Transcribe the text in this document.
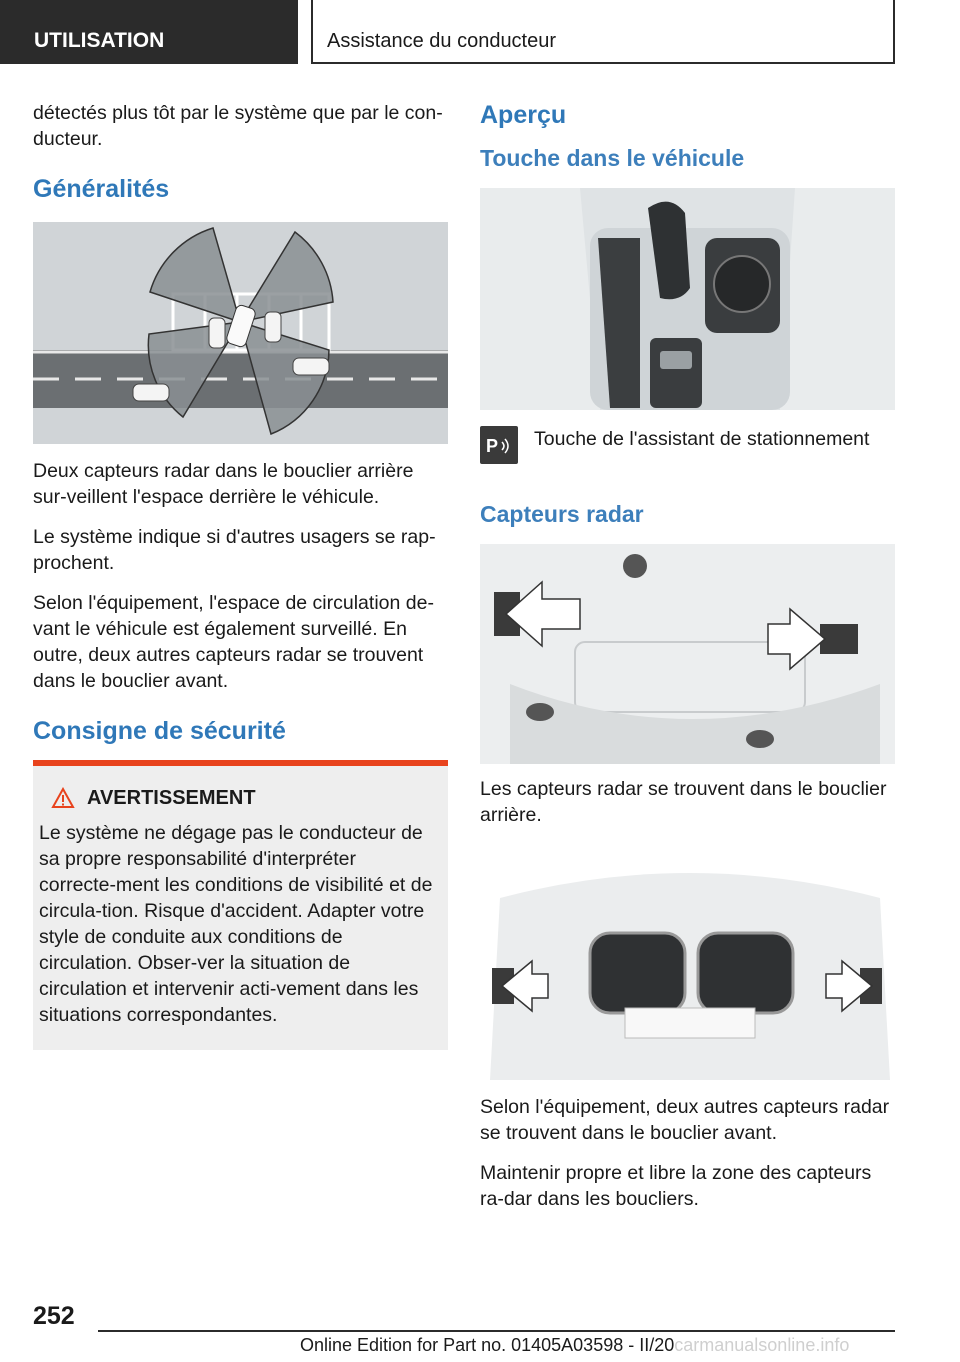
UTILISATION	Assistance du conducteur

détectés plus tôt par le système que par le con-ducteur.

Généralités

Deux capteurs radar dans le bouclier arrière sur-veillent l'espace derrière le véhicule.

Le système indique si d'autres usagers se rap-prochent.

Selon l'équipement, l'espace de circulation de-vant le véhicule est également surveillé. En outre, deux autres capteurs radar se trouvent dans le bouclier avant.

Consigne de sécurité
AVERTISSEMENT

Le système ne dégage pas le conducteur de sa propre responsabilité d'interpréter correcte-ment les conditions de visibilité et de circula-tion. Risque d'accident. Adapter votre style de conduite aux conditions de circulation. Obser-ver la situation de circulation et intervenir acti-vement dans les situations correspondantes.

Aperçu
Touche dans le véhicule
P Touche de l'assistant de stationnement

Capteurs radar

Les capteurs radar se trouvent dans le bouclier arrière.

Selon l'équipement, deux autres capteurs radar se trouvent dans le bouclier avant.

Maintenir propre et libre la zone des capteurs ra-dar dans les boucliers.

252
Online Edition for Part no. 01405A03598 - II/20carmanualsonline.info
